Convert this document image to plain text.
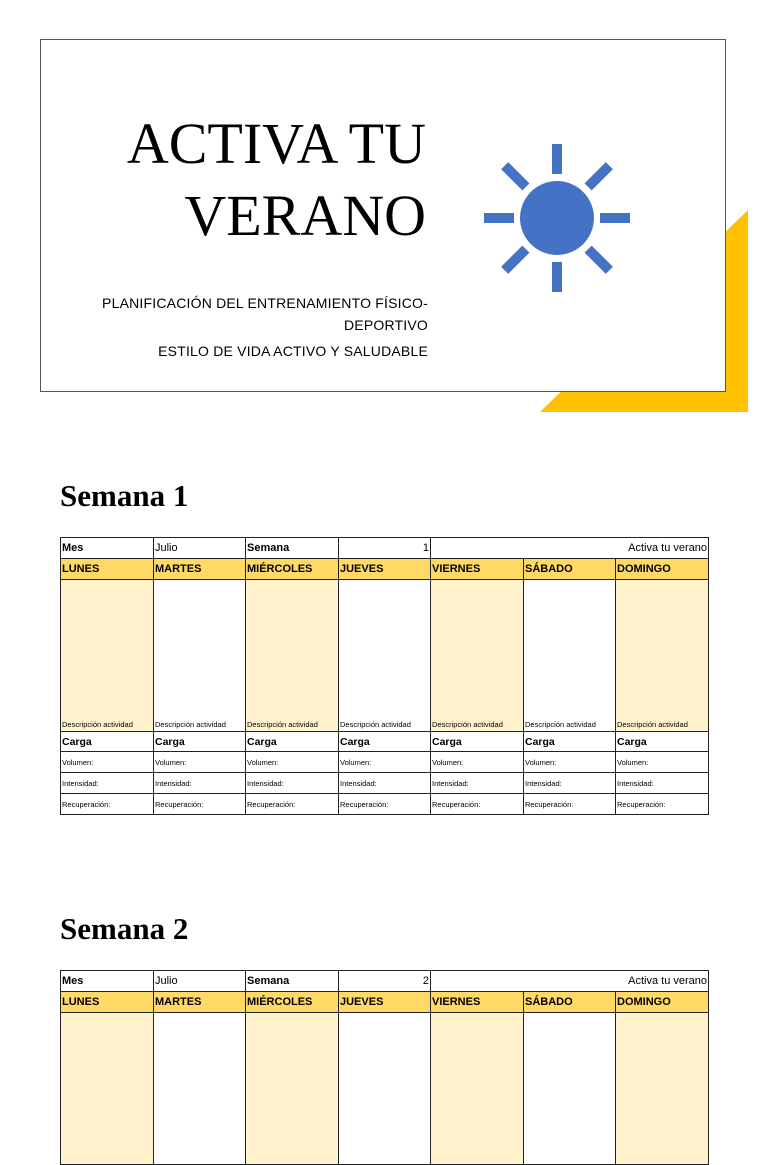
ACTIVA TU
VERANO

PLANIFICACIÓN DEL ENTRENAMIENTO FÍSICO-DEPORTIVO

ESTILO DE VIDA ACTIVO Y SALUDABLE

Semana 1
Mes	Julio	Semana	1	Activa tu verano		
LUNES	MARTES	MIÉRCOLES	JUEVES	VIERNES	SÁBADO	DOMINGO
Descripción actividad	Descripción actividad	Descripción actividad	Descripción actividad	Descripción actividad	Descripción actividad	Descripción actividad
Carga	Carga	Carga	Carga	Carga	Carga	Carga
Volumen:	Volumen:	Volumen:	Volumen:	Volumen:	Volumen:	Volumen:
Intensidad:	Intensidad:	Intensidad:	Intensidad:	Intensidad:	Intensidad:	Intensidad:
Recuperación:	Recuperación:	Recuperación:	Recuperación:	Recuperación:	Recuperación:	Recuperación:
Semana 2
Mes	Julio	Semana	2	Activa tu verano		
LUNES	MARTES	MIÉRCOLES	JUEVES	VIERNES	SÁBADO	DOMINGO
